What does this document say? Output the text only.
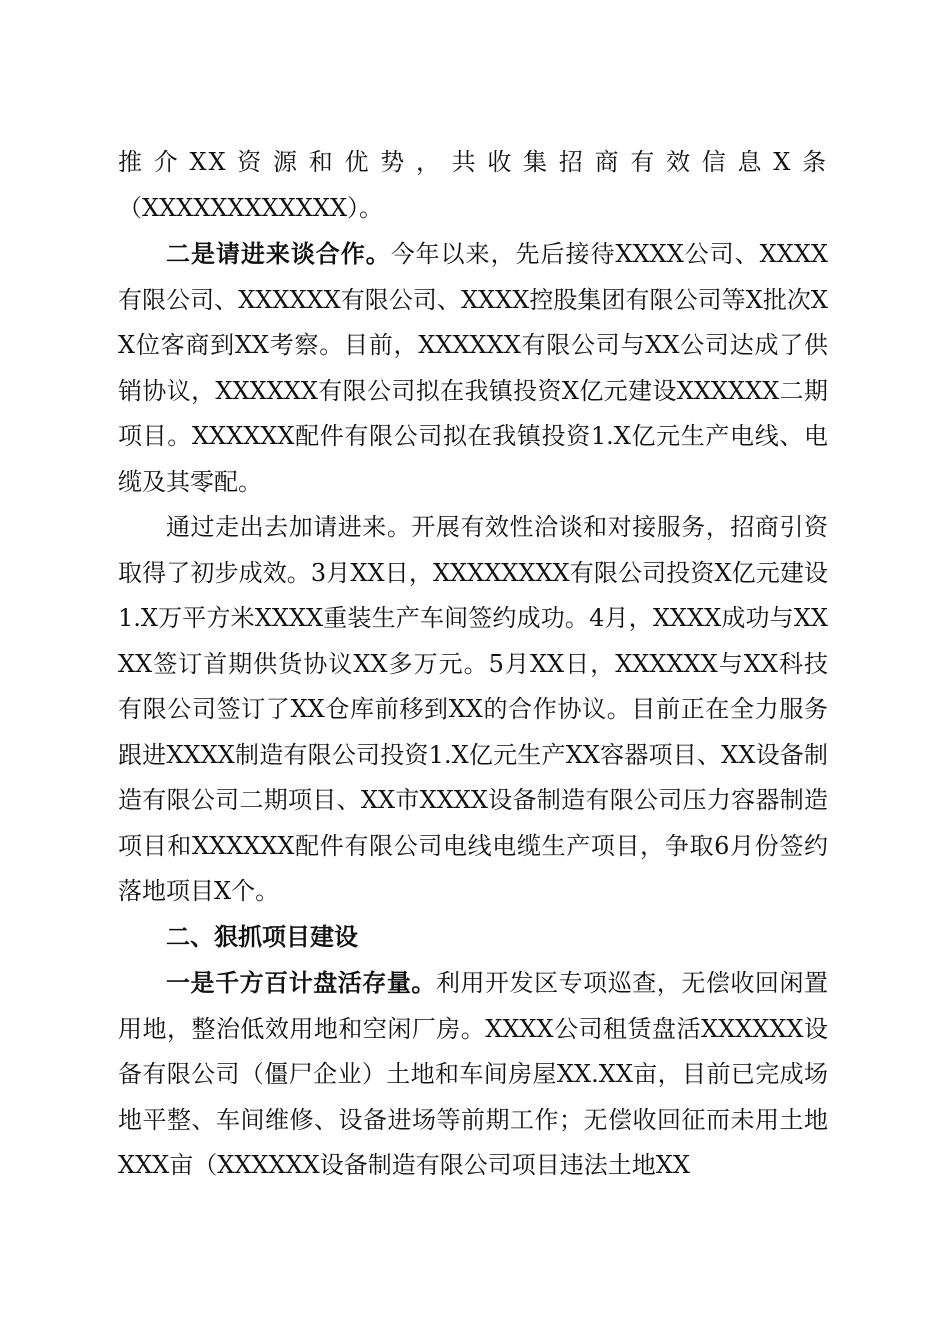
推介XX资源和优势，共收集招商有效信息X条

（XXXXXXXXXXXX）。

二是请进来谈合作。今年以来，先后接待XXXX公司、XXXX有限公司、XXXXXX有限公司、XXXX控股集团有限公司等X批次XX位客商到XX考察。目前，XXXXXX有限公司与XX公司达成了供销协议，XXXXXX有限公司拟在我镇投资X亿元建设XXXXXX二期项目。XXXXXX配件有限公司拟在我镇投资1.X亿元生产电线、电缆及其零配。

通过走出去加请进来。开展有效性洽谈和对接服务，招商引资取得了初步成效。3月XX日，XXXXXXXX有限公司投资X亿元建设1.X万平方米XXXX重装生产车间签约成功。4月，XXXX成功与XXXX签订首期供货协议XX多万元。5月XX日，XXXXXX与XX科技有限公司签订了XX仓库前移到XX的合作协议。目前正在全力服务跟进XXXX制造有限公司投资1.X亿元生产XX容器项目、XX设备制造有限公司二期项目、XX市XXXX设备制造有限公司压力容器制造项目和XXXXXX配件有限公司电线电缆生产项目，争取6月份签约落地项目X个。

二、狠抓项目建设

一是千方百计盘活存量。利用开发区专项巡查，无偿收回闲置用地，整治低效用地和空闲厂房。XXXX公司租赁盘活XXXXXX设备有限公司（僵尸企业）土地和车间房屋XX.XX亩，目前已完成场地平整、车间维修、设备进场等前期工作；无偿收回征而未用土地XXX亩（XXXXXX设备制造有限公司项目违法土地XX
